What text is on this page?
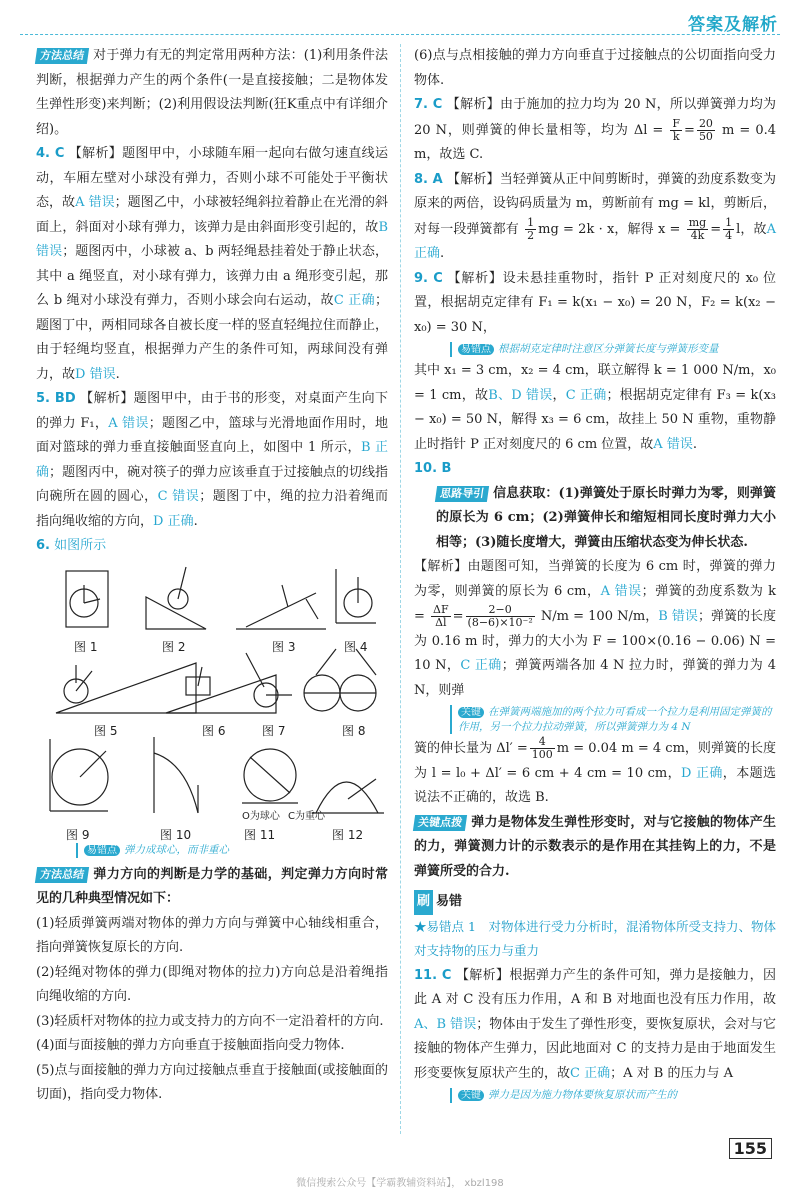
答案及解析

方法总结 对于弹力有无的判定常用两种方法：(1)利用条件法判断，根据弹力产生的两个条件(一是直接接触；二是物体发生弹性形变)来判断；(2)利用假设法判断(狂K重点中有详细介绍)。

4. C 【解析】题图甲中，小球随车厢一起向右做匀速直线运动，车厢左壁对小球没有弹力，否则小球不可能处于平衡状态，故A 错误；题图乙中，小球被轻绳斜拉着静止在光滑的斜面上，斜面对小球有弹力，该弹力是由斜面形变引起的，故B 错误；题图丙中，小球被 a、b 两轻绳悬挂着处于静止状态，其中 a 绳竖直，对小球有弹力，该弹力由 a 绳形变引起，那么 b 绳对小球没有弹力，否则小球会向右运动，故C 正确；题图丁中，两相同球各自被长度一样的竖直轻绳拉住而静止，由于轻绳均竖直，根据弹力产生的条件可知，两球间没有弹力，故D 错误.

5. BD 【解析】题图甲中，由于书的形变，对桌面产生向下的弹力 F₁，A 错误；题图乙中，篮球与光滑地面作用时，地面对篮球的弹力垂直接触面竖直向上，如图中 1 所示，B 正确；题图丙中，碗对筷子的弹力应该垂直于过接触点的切线指向碗所在圆的圆心，C 错误；题图丁中，绳的拉力沿着绳而指向绳收缩的方向，D 正确.

6. 如图所示

图 1	图 2	图 3	图 4
图 5	图 6	图 7	图 8
图 9	图 10	图 11	图 12
O为球心 C为重心
易错点 弹力成球心，而非重心

方法总结 弹力方向的判断是力学的基础，判定弹力方向时常见的几种典型情况如下：

(1)轻质弹簧两端对物体的弹力方向与弹簧中心轴线相重合，指向弹簧恢复原长的方向.

(2)轻绳对物体的弹力(即绳对物体的拉力)方向总是沿着绳指向绳收缩的方向.

(3)轻质杆对物体的拉力或支持力的方向不一定沿着杆的方向.

(4)面与面接触的弹力方向垂直于接触面指向受力物体.

(5)点与面接触的弹力方向过接触点垂直于接触面(或接触面的切面)，指向受力物体.

(6)点与点相接触的弹力方向垂直于过接触点的公切面指向受力物体.

7. C 【解析】由于施加的拉力均为 20 N，所以弹簧弹力均为 20 N，则弹簧的伸长量相等，均为 $\Delta l = \frac{F}{k} = \frac{20}{50}$ m = 0.4 m，故选 C.

8. A 【解析】当轻弹簧从正中间剪断时，弹簧的劲度系数变为原来的两倍，设钩码质量为 m，剪断前有 mg = kl，剪断后，对每一段弹簧都有 $\frac{1}{2}$ mg = 2k · x，解得 $x = \frac{mg}{4k} = \frac{1}{4}$ l，故A 正确.

9. C 【解析】设未悬挂重物时，指针 P 正对刻度尺的 x₀ 位置，根据胡克定律有 F₁ = k(x₁ − x₀) = 20 N，F₂ = k(x₂ − x₀) = 30 N，

易错点 根据胡克定律时注意区分弹簧长度与弹簧形变量

其中 x₁ = 3 cm，x₂ = 4 cm，联立解得 k = 1 000 N/m，x₀ = 1 cm，故B、D 错误，C 正确；根据胡克定律有 F₃ = k(x₃ − x₀) = 50 N，解得 x₃ = 6 cm，故挂上 50 N 重物，重物静止时指针 P 正对刻度尺的 6 cm 位置，故A 错误.

10. B

思路导引 信息获取：(1)弹簧处于原长时弹力为零，则弹簧的原长为 6 cm；(2)弹簧伸长和缩短相同长度时弹力大小相等；(3)随长度增大，弹簧由压缩状态变为伸长状态.

【解析】由题图可知，当弹簧的长度为 6 cm 时，弹簧的弹力为零，则弹簧的原长为 6 cm，A 错误；弹簧的劲度系数为 $k = \frac{\Delta F}{\Delta l} = \frac{2-0}{\text{(8−6)×10⁻²}} N/m = 100$ N/m，B 错误；弹簧的长度为 0.16 m 时，弹力的大小为 F = 100×(0.16 − 0.06) N = 10 N，C 正确；弹簧两端各加 4 N 拉力时，弹簧的弹力为 4 N，则弹

关键 在弹簧两端施加的两个拉力可看成一个拉力是利用固定弹簧的作用，另一个拉力拉动弹簧，所以弹簧弹力为 4 N

簧的伸长量为 $\Delta l' = \frac{4}{100}$ m = 0.04 m = 4 cm，则弹簧的长度为 l = l₀ + Δl′ = 6 cm + 4 cm = 10 cm，D 正确，本题选说法不正确的，故选 B.

关键点拨 弹力是物体发生弹性形变时，对与它接触的物体产生的力，弹簧测力计的示数表示的是作用在其挂钩上的力，不是弹簧所受的合力.

刷 易错

★易错点 1　对物体进行受力分析时，混淆物体所受支持力、物体对支持物的压力与重力

11. C 【解析】根据弹力产生的条件可知，弹力是接触力，因此 A 对 C 没有压力作用，A 和 B 对地面也没有压力作用，故A、B 错误；物体由于发生了弹性形变，要恢复原状，会对与它接触的物体产生弹力，因此地面对 C 的支持力是由于地面发生形变要恢复原状产生的，故C 正确；A 对 B 的压力与 A

关键 弹力是因为施力物体要恢复原状而产生的
155
微信搜索公众号【学霸教辅资料站】， xbzl198
